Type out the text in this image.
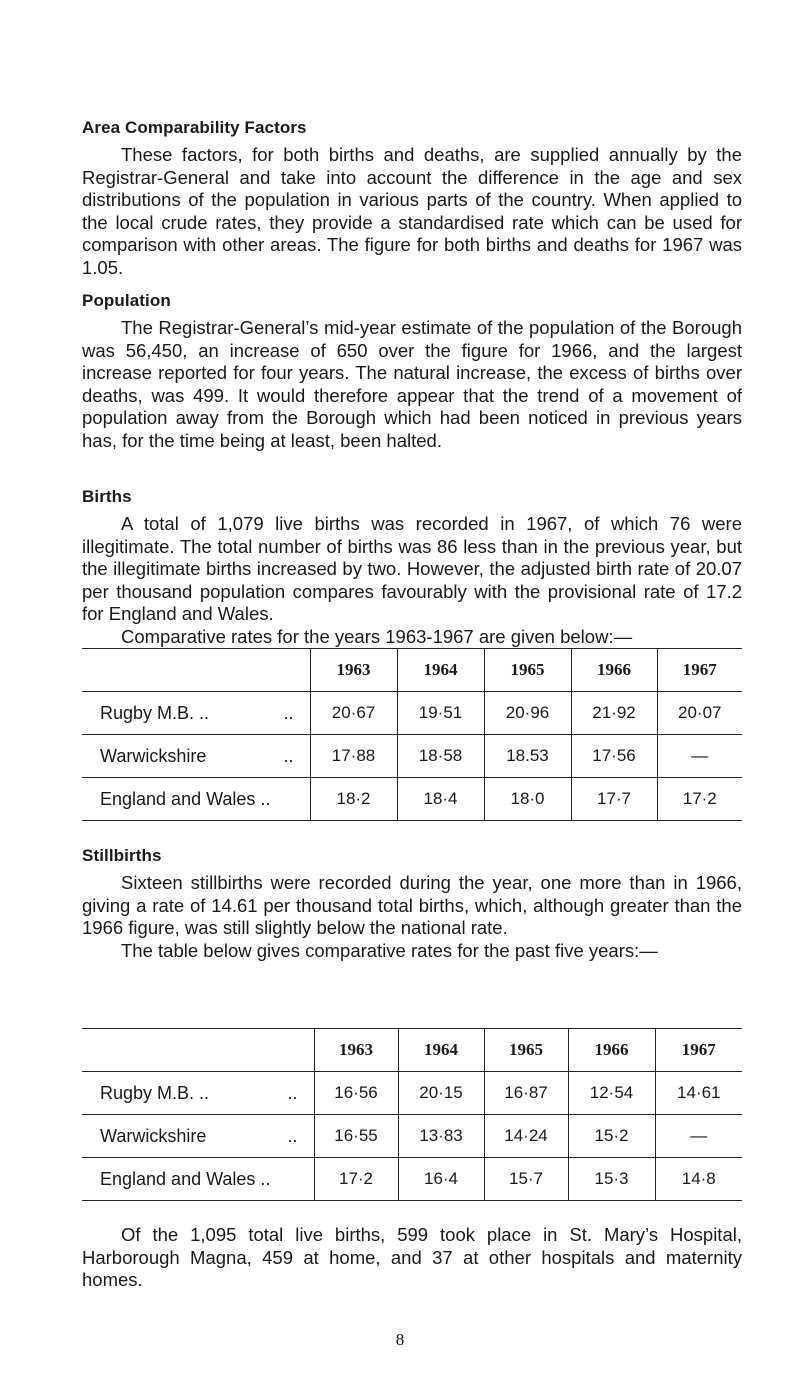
Area Comparability Factors

These factors, for both births and deaths, are supplied annually by the Registrar-General and take into account the difference in the age and sex distributions of the population in various parts of the country. When applied to the local crude rates, they provide a standardised rate which can be used for comparison with other areas. The figure for both births and deaths for 1967 was 1.05.

Population

The Registrar-General’s mid-year estimate of the population of the Borough was 56,450, an increase of 650 over the figure for 1966, and the largest increase reported for four years. The natural increase, the excess of births over deaths, was 499. It would therefore appear that the trend of a movement of population away from the Borough which had been noticed in previous years has, for the time being at least, been halted.

Births

A total of 1,079 live births was recorded in 1967, of which 76 were illegitimate. The total number of births was 86 less than in the previous year, but the illegitimate births increased by two. However, the adjusted birth rate of 20.07 per thousand population compares favourably with the provisional rate of 17.2 for England and Wales.

Comparative rates for the years 1963-1967 are given below:—

Stillbirths

Sixteen stillbirths were recorded during the year, one more than in 1966, giving a rate of 14.61 per thousand total births, which, although greater than the 1966 figure, was still slightly below the national rate.

The table below gives comparative rates for the past five years:—

Of the 1,095 total live births, 599 took place in St. Mary’s Hospital, Harborough Magna, 459 at home, and 37 at other hospitals and maternity homes.

	1963	1964	1965	1966	1967

Rugby M.B. .. ..	20·67	19·51	20·96	21·92	20·07

Warwickshire ..	17·88	18·58	18.53	17·56	—

England and Wales ..	18·2	18·4	18·0	17·7	17·2
	1963	1964	1965	1966	1967

Rugby M.B. .. ..	16·56	20·15	16·87	12·54	14·61

Warwickshire ..	16·55	13·83	14·24	15·2	—

England and Wales ..	17·2	16·4	15·7	15·3	14·8
8
